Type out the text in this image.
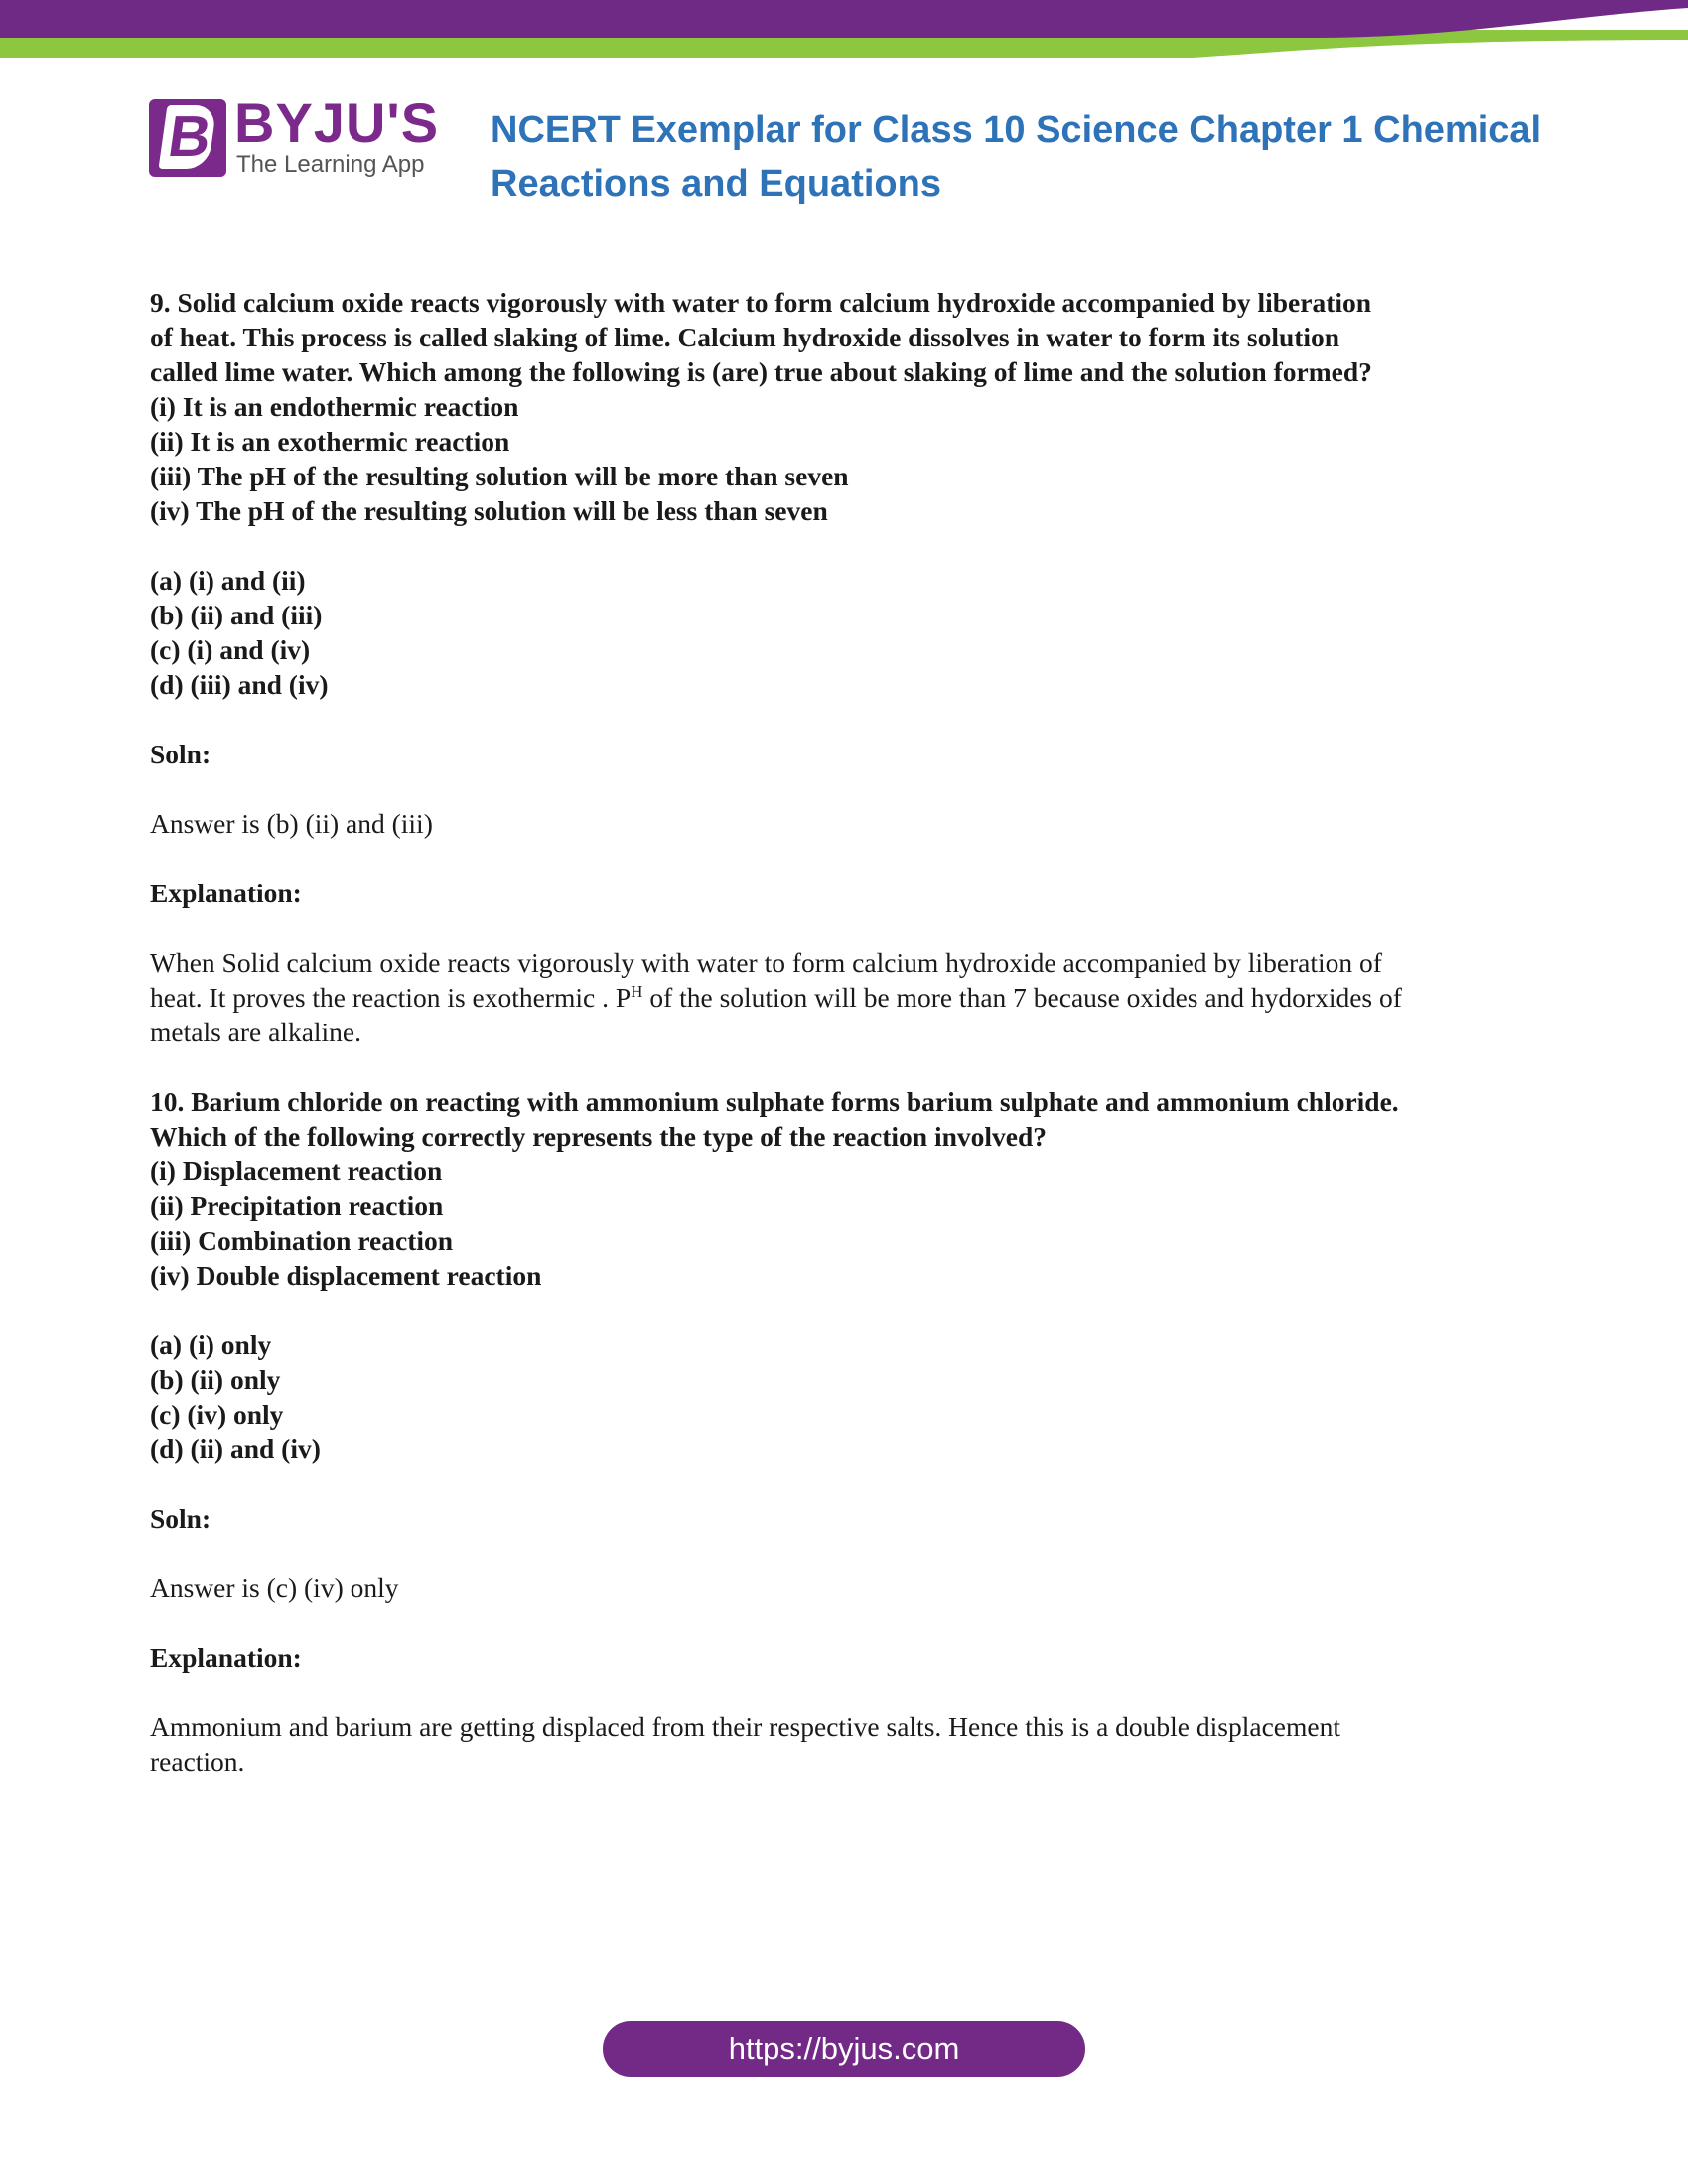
B BYJU'S
The Learning App
NCERT Exemplar for Class 10 Science Chapter 1 Chemical
Reactions and Equations

9. Solid calcium oxide reacts vigorously with water to form calcium hydroxide accompanied by liberation

of heat. This process is called slaking of lime. Calcium hydroxide dissolves in water to form its solution

called lime water. Which among the following is (are) true about slaking of lime and the solution formed?

(i) It is an endothermic reaction

(ii) It is an exothermic reaction

(iii) The pH of the resulting solution will be more than seven

(iv) The pH of the resulting solution will be less than seven

(a) (i) and (ii)

(b) (ii) and (iii)

(c) (i) and (iv)

(d) (iii) and (iv)

Soln:

Answer is (b) (ii) and (iii)

Explanation:

When Solid calcium oxide reacts vigorously with water to form calcium hydroxide accompanied by liberation of

heat. It proves the reaction is exothermic . $P^H$ of the solution will be more than 7 because oxides and hydorxides of

metals are alkaline.

10. Barium chloride on reacting with ammonium sulphate forms barium sulphate and ammonium chloride.

Which of the following correctly represents the type of the reaction involved?

(i) Displacement reaction

(ii) Precipitation reaction

(iii) Combination reaction

(iv) Double displacement reaction

(a) (i) only

(b) (ii) only

(c) (iv) only

(d) (ii) and (iv)

Soln:

Answer is (c) (iv) only

Explanation:

Ammonium and barium are getting displaced from their respective salts. Hence this is a double displacement

reaction.

https://byjus.com
